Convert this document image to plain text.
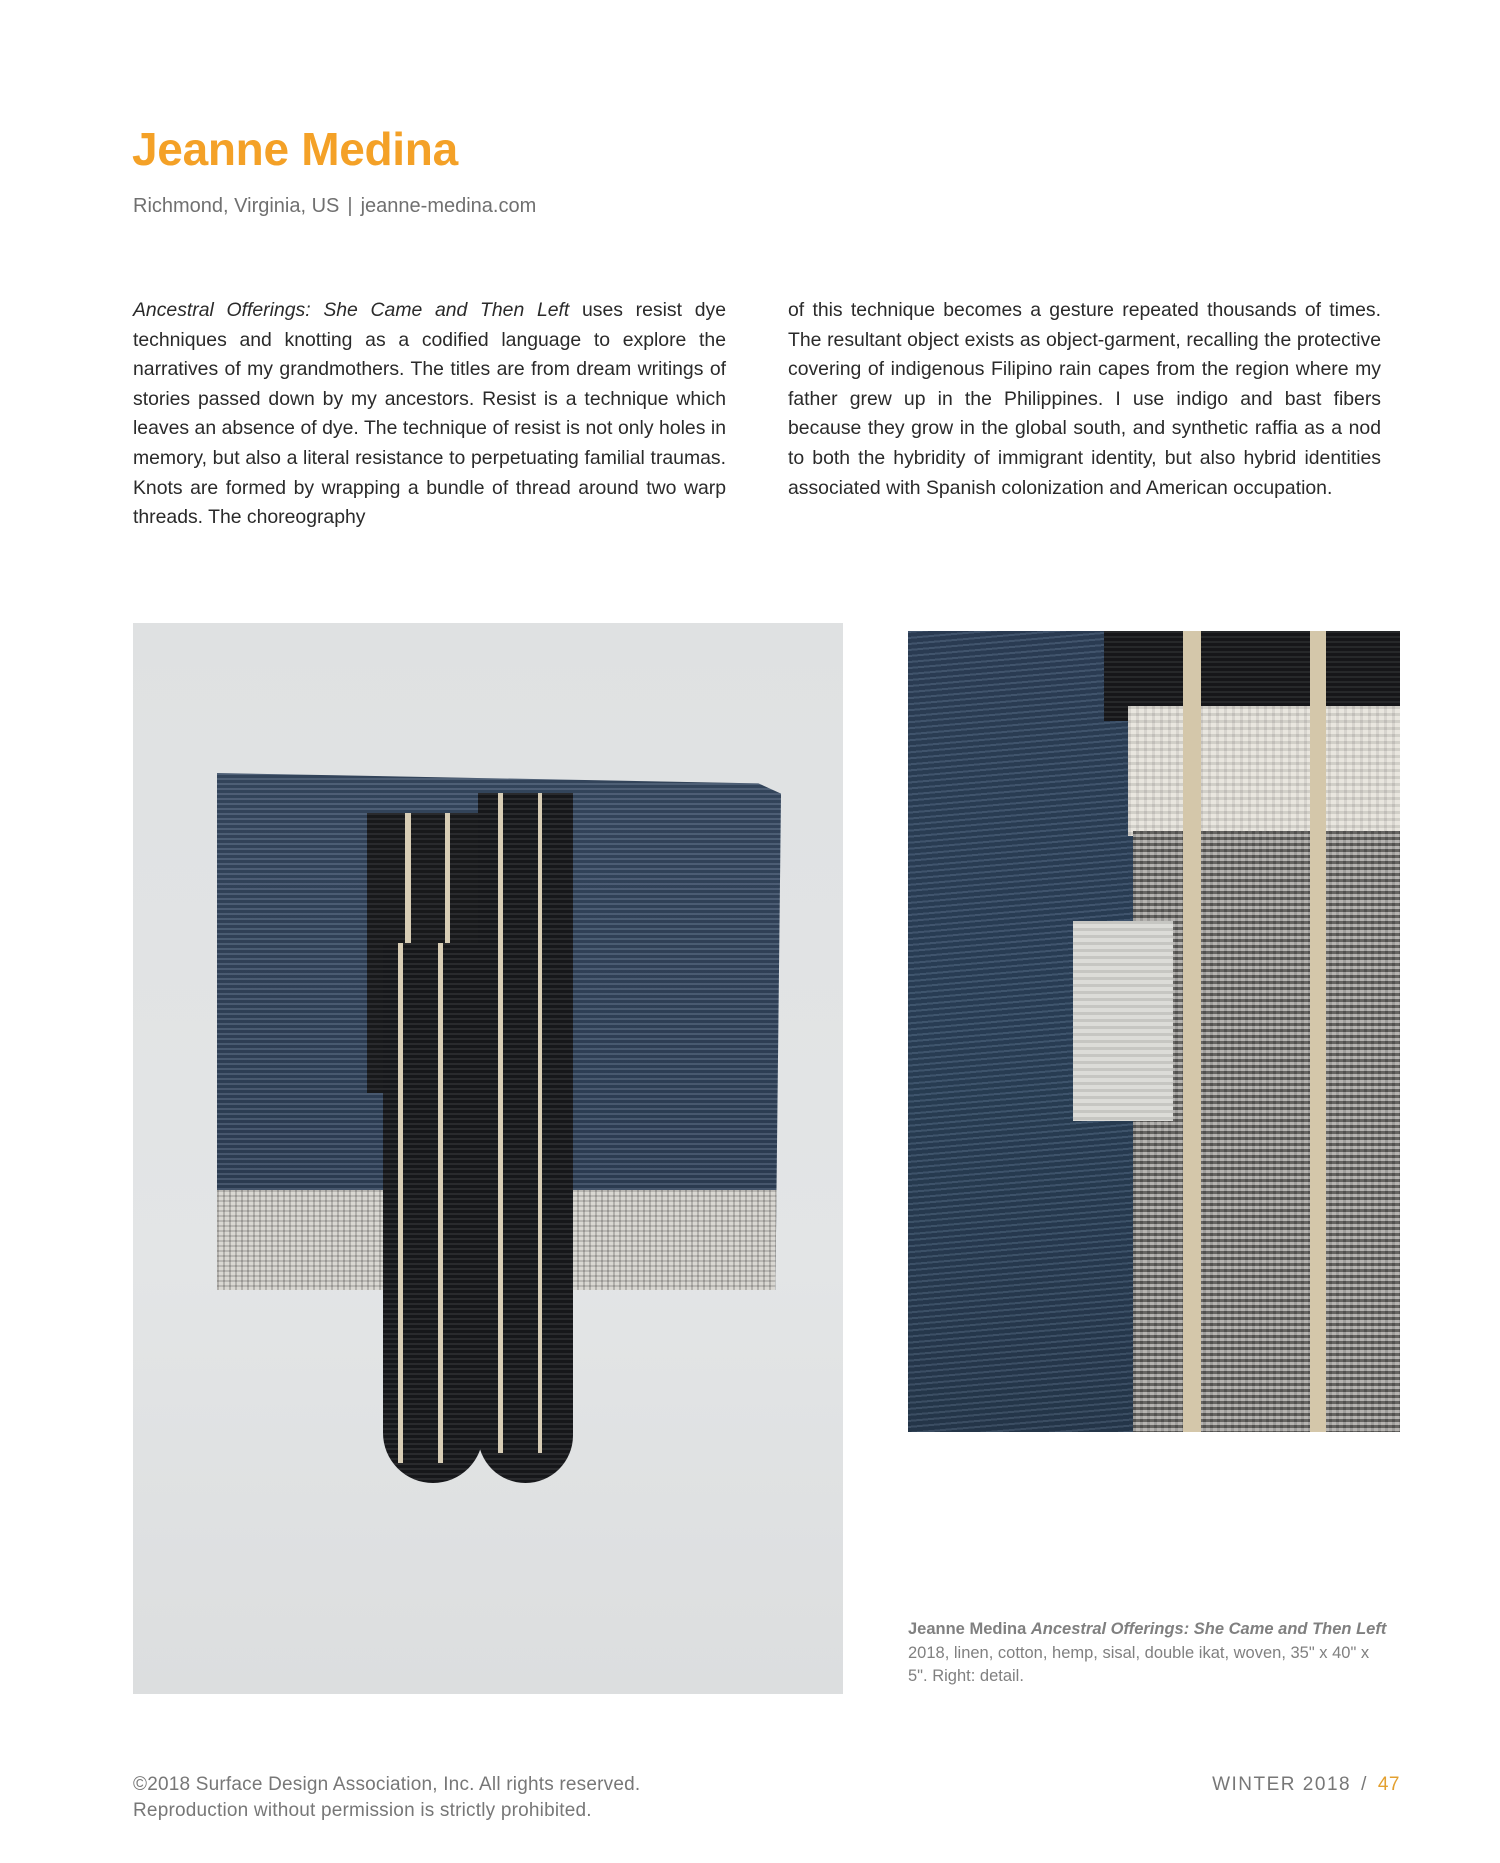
Jeanne Medina
Richmond, Virginia, US | jeanne-medina.com

Ancestral Offerings: She Came and Then Left uses resist dye techniques and knotting as a codified language to explore the narratives of my grandmothers. The titles are from dream writings of stories passed down by my ancestors. Resist is a technique which leaves an absence of dye. The technique of resist is not only holes in memory, but also a literal resistance to perpetuating familial traumas. Knots are formed by wrapping a bundle of thread around two warp threads. The choreography

of this technique becomes a gesture repeated thousands of times. The resultant object exists as object-garment, recalling the protective covering of indigenous Filipino rain capes from the region where my father grew up in the Philippines. I use indigo and bast fibers because they grow in the global south, and synthetic raffia as a nod to both the hybridity of immigrant identity, but also hybrid identities associated with Spanish colonization and American occupation.

Jeanne Medina Ancestral Offerings: She Came and Then Left 2018, linen, cotton, hemp, sisal, double ikat, woven, 35" x 40" x 5". Right: detail.
©2018 Surface Design Association, Inc. All rights reserved.
Reproduction without permission is strictly prohibited.
WINTER 2018 / 47
